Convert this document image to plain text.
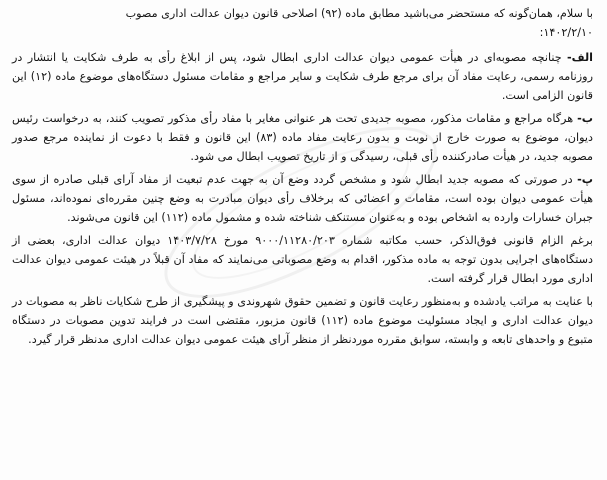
با سلام، همان‌گونه که مستحضر می‌باشید مطابق ماده (۹۲) اصلاحی قانون دیوان عدالت اداری مصوب
۱۴۰۲/۲/۱۰:

الف- چنانچه مصوبه‌ای در هیأت عمومی دیوان عدالت اداری ابطال شود، پس از ابلاغ رأی به طرف شکایت یا انتشار در روزنامه رسمی، رعایت مفاد آن برای مرجع طرف شکایت و سایر مراجع و مقامات مسئول دستگاه‌های موضوع ماده (۱۲) این قانون الزامی است.

ب- هرگاه مراجع و مقامات مذکور، مصوبه جدیدی تحت هر عنوانی مغایر با مفاد رأی مذکور تصویب کنند، به درخواست رئیس دیوان، موضوع به صورت خارج از نوبت و بدون رعایت مفاد ماده (۸۳) این قانون و فقط با دعوت از نماینده مرجع صدور مصوبه جدید، در هیأت صادرکننده رأی قبلی، رسیدگی و از تاریخ تصویب ابطال می شود.

پ- در صورتی که مصوبه جدید ابطال شود و مشخص گردد وضع آن به جهت عدم تبعیت از مفاد آرای قبلی صادره از سوی هیأت عمومی دیوان بوده است، مقامات و اعضائی که برخلاف رأی دیوان مبادرت به وضع چنین مقرره‌ای نموده‌اند، مسئول جبران خسارات وارده به اشخاص بوده و به‌عنوان مستنکف شناخته شده و مشمول ماده (۱۱۲) این قانون می‌شوند.

برغم الزام قانونی فوق‌الذکر، حسب مکاتبه شماره ۹۰۰۰/۱۱۲۸۰/۲۰۳ مورخ ۱۴۰۳/۷/۲۸ دیوان عدالت اداری، بعضی از دستگاه‌های اجرایی بدون توجه به ماده مذکور، اقدام به وضع مصوباتی می‌نمایند که مفاد آن قبلاً در هیئت عمومی دیوان عدالت اداری مورد ابطال قرار گرفته است.

با عنایت به مراتب یادشده و به‌منظور رعایت قانون و تضمین حقوق شهروندی و پیشگیری از طرح شکایات ناظر به مصوبات در دیوان عدالت اداری و ایجاد مسئولیت موضوع ماده (۱۱۲) قانون مزبور، مقتضی است در فرایند تدوین مصوبات در دستگاه متبوع و واحدهای تابعه و وابسته، سوابق مقرره موردنظر از منظر آرای هیئت عمومی دیوان عدالت اداری مدنظر قرار گیرد.
